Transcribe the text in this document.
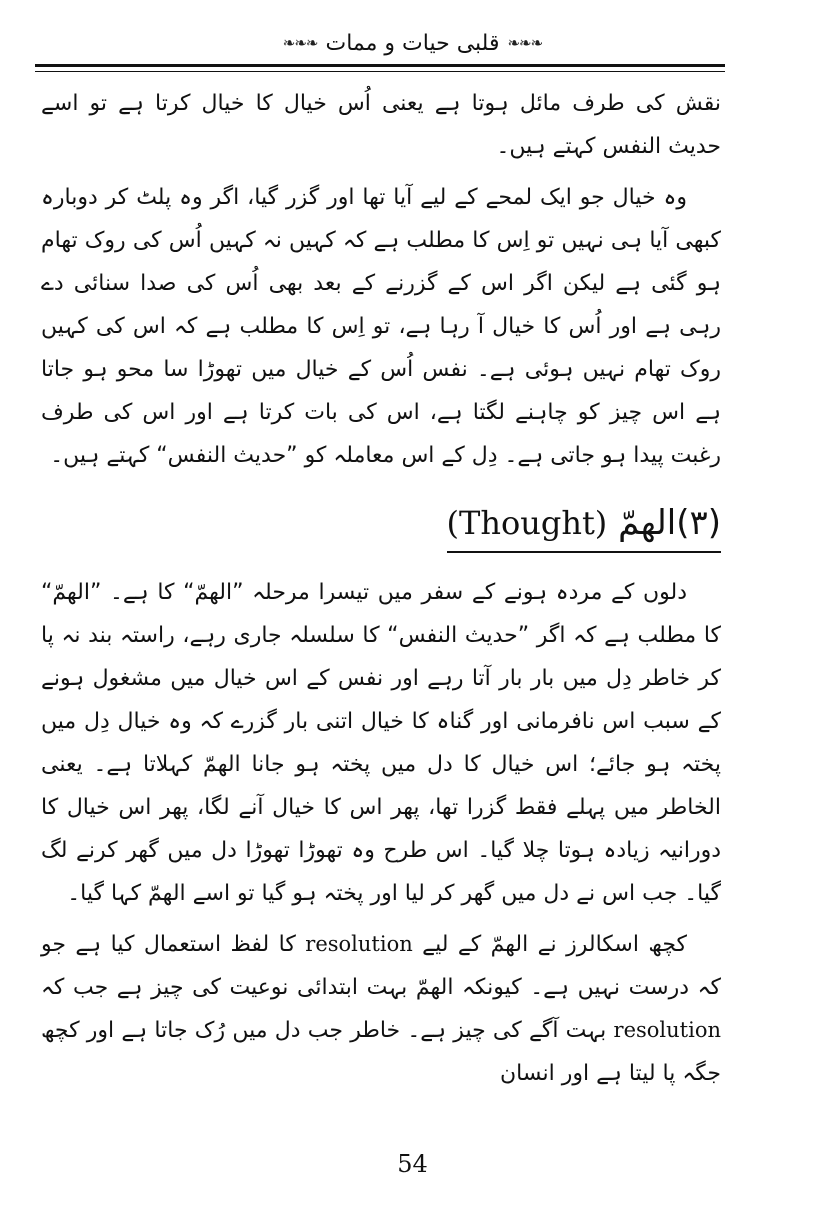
❧❧❧ قلبی حیات و ممات ❧❧❧

نقش کی طرف مائل ہوتا ہے یعنی اُس خیال کا خیال کرتا ہے تو اسے حدیث النفس کہتے ہیں۔

وہ خیال جو ایک لمحے کے لیے آیا تھا اور گزر گیا، اگر وہ پلٹ کر دوبارہ کبھی آیا ہی نہیں تو اِس کا مطلب ہے کہ کہیں نہ کہیں اُس کی روک تھام ہو گئی ہے لیکن اگر اس کے گزرنے کے بعد بھی اُس کی صدا سنائی دے رہی ہے اور اُس کا خیال آ رہا ہے، تو اِس کا مطلب ہے کہ اس کی کہیں روک تھام نہیں ہوئی ہے۔ نفس اُس کے خیال میں تھوڑا سا محو ہو جاتا ہے اس چیز کو چاہنے لگتا ہے، اس کی بات کرتا ہے اور اس کی طرف رغبت پیدا ہو جاتی ہے۔ دِل کے اس معاملہ کو ”حدیث النفس“ کہتے ہیں۔

(۳)الهمّ (Thought)

دلوں کے مردہ ہونے کے سفر میں تیسرا مرحلہ ”الهمّ“ کا ہے۔ ”الهمّ“ کا مطلب ہے کہ اگر ”حدیث النفس“ کا سلسلہ جاری رہے، راستہ بند نہ پا کر خاطر دِل میں بار بار آتا رہے اور نفس کے اس خیال میں مشغول ہونے کے سبب اس نافرمانی اور گناہ کا خیال اتنی بار گزرے کہ وہ خیال دِل میں پختہ ہو جائے؛ اس خیال کا دل میں پختہ ہو جانا الهمّ کہلاتا ہے۔ یعنی الخاطر میں پہلے فقط گزرا تھا، پھر اس کا خیال آنے لگا، پھر اس خیال کا دورانیہ زیادہ ہوتا چلا گیا۔ اس طرح وہ تھوڑا تھوڑا دل میں گھر کرنے لگ گیا۔ جب اس نے دل میں گھر کر لیا اور پختہ ہو گیا تو اسے الهمّ کہا گیا۔

کچھ اسکالرز نے الهمّ کے لیے resolution کا لفظ استعمال کیا ہے جو کہ درست نہیں ہے۔ کیونکہ الهمّ بہت ابتدائی نوعیت کی چیز ہے جب کہ resolution بہت آگے کی چیز ہے۔ خاطر جب دل میں رُک جاتا ہے اور کچھ جگہ پا لیتا ہے اور انسان

54
